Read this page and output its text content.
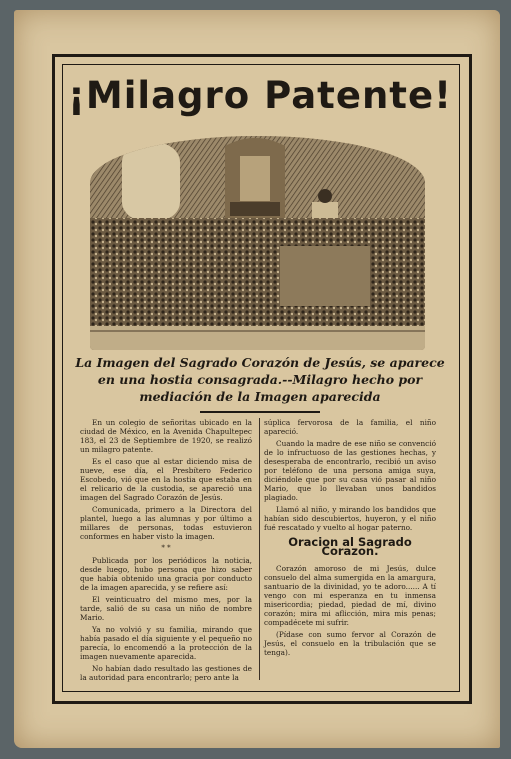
¡Milagro Patente!

La Imagen del Sagrado Corazón de Jesús, se aparece en una hostia consagrada.--Milagro hecho por mediación de la Imagen aparecida

En un colegio de señoritas ubicado en la ciudad de México, en la Avenida Chapultepec 183, el 23 de Septiembre de 1920, se realizó un milagro patente.

Es el caso que al estar diciendo misa de nueve, ese día, el Presbítero Federico Escobedo, vió que en la hostia que estaba en el relicario de la custodia, se apareció una imagen del Sagrado Corazón de Jesús.

Comunicada, primero a la Directora del plantel, luego a las alumnas y por último a millares de personas, todas estuvieron conformes en haber visto la imagen.

* *

Publicada por los periódicos la noticia, desde luego, hubo persona que hizo saber que había obtenido una gracia por conducto de la imagen aparecida, y se refiere así:

El veinticuatro del mismo mes, por la tarde, salió de su casa un niño de nombre Mario.

Ya no volvió y su familia, mirando que había pasado el día siguiente y el pequeño no parecía, lo encomendó a la protección de la imagen nuevamente aparecida.

No habían dado resultado las gestiones de la autoridad para encontrarlo; pero ante la

súplica fervorosa de la familia, el niño apareció.

Cuando la madre de ese niño se convenció de lo infructuoso de las gestiones hechas, y desesperaba de encontrarlo, recibió un aviso por teléfono de una persona amiga suya, diciéndole que por su casa vió pasar al niño Mario, que lo llevaban unos bandidos plagiado.

Llamó al niño, y mirando los bandidos que habían sido descubiertos, huyeron, y el niño fué rescatado y vuelto al hogar paterno.

Oracion al Sagrado Corazon.

Corazón amoroso de mi Jesús, dulce consuelo del alma sumergida en la amargura, santuario de la divinidad, yo te adoro...... A tí vengo con mi esperanza en tu inmensa misericordia; piedad, piedad de mí, divino corazón; mira mi aflicción, mira mis penas; compadécete mi sufrir.

(Pídase con sumo fervor al Corazón de Jesús, el consuelo en la tribulación que se tenga).
